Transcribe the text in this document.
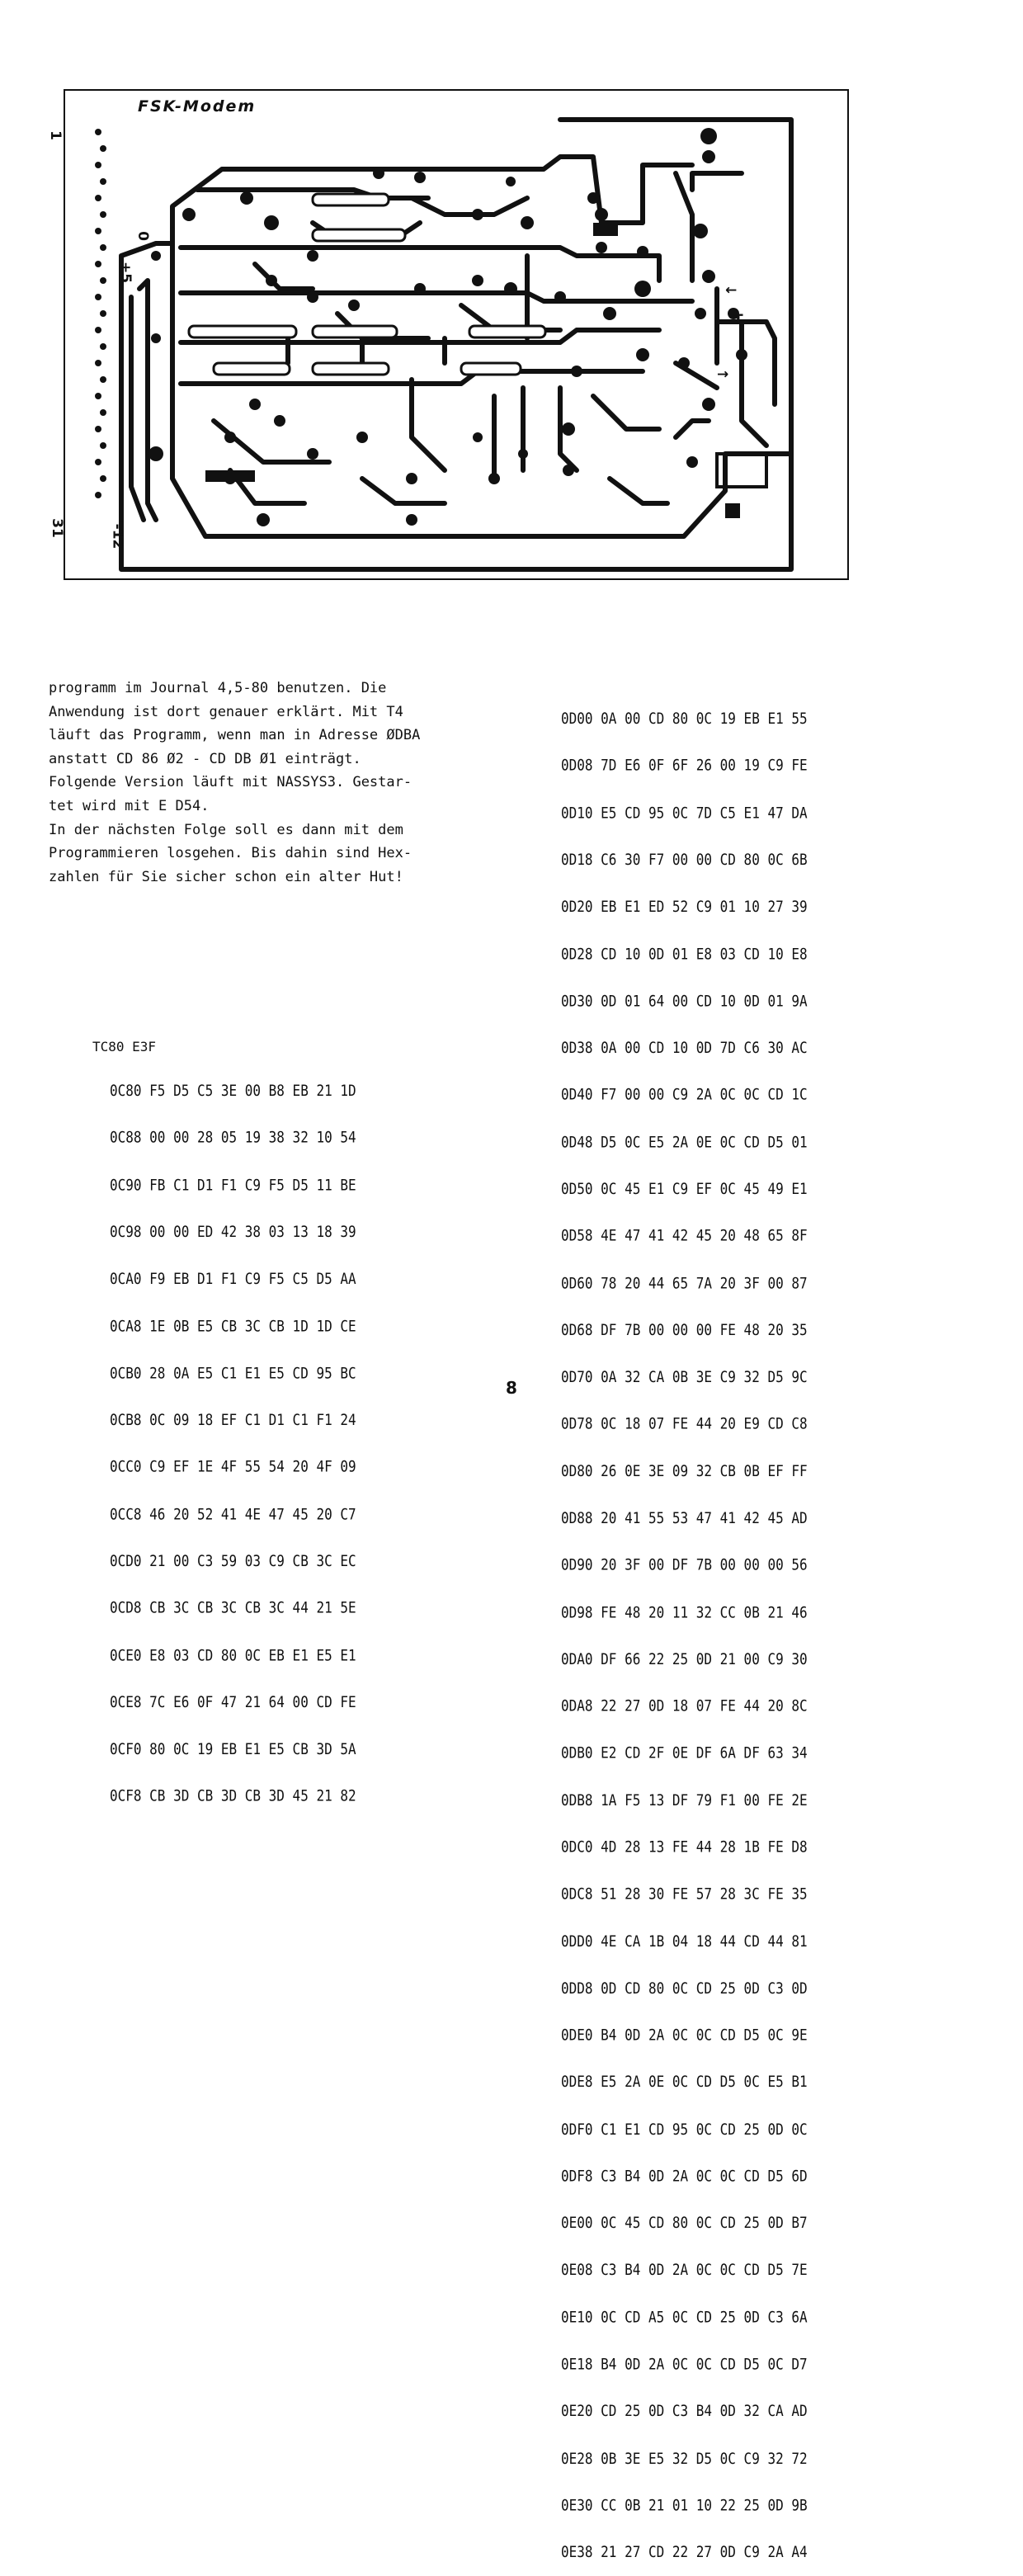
FSK-Modem
1
31
0
+5
-12
←
T
→

programm im Journal 4,5-80 benutzen. Die

Anwendung ist dort genauer erklärt. Mit T4

läuft das Programm, wenn man in Adresse ØDBA

anstatt CD 86 Ø2 - CD DB Ø1 einträgt.

Folgende Version läuft mit NASSYS3. Gestar-

tet wird mit E D54.

In der nächsten Folge soll es dann mit dem

Programmieren losgehen. Bis dahin sind Hex-

zahlen für Sie sicher schon ein alter Hut!

TC80 E3F

0C80 F5 D5 C5 3E 00 B8 EB 21 1D

0C88 00 00 28 05 19 38 32 10 54

0C90 FB C1 D1 F1 C9 F5 D5 11 BE

0C98 00 00 ED 42 38 03 13 18 39

0CA0 F9 EB D1 F1 C9 F5 C5 D5 AA

0CA8 1E 0B E5 CB 3C CB 1D 1D CE

0CB0 28 0A E5 C1 E1 E5 CD 95 BC

0CB8 0C 09 18 EF C1 D1 C1 F1 24

0CC0 C9 EF 1E 4F 55 54 20 4F 09

0CC8 46 20 52 41 4E 47 45 20 C7

0CD0 21 00 C3 59 03 C9 CB 3C EC

0CD8 CB 3C CB 3C CB 3C 44 21 5E

0CE0 E8 03 CD 80 0C EB E1 E5 E1

0CE8 7C E6 0F 47 21 64 00 CD FE

0CF0 80 0C 19 EB E1 E5 CB 3D 5A

0CF8 CB 3D CB 3D CB 3D 45 21 82

0D00 0A 00 CD 80 0C 19 EB E1 55

0D08 7D E6 0F 6F 26 00 19 C9 FE

0D10 E5 CD 95 0C 7D C5 E1 47 DA

0D18 C6 30 F7 00 00 CD 80 0C 6B

0D20 EB E1 ED 52 C9 01 10 27 39

0D28 CD 10 0D 01 E8 03 CD 10 E8

0D30 0D 01 64 00 CD 10 0D 01 9A

0D38 0A 00 CD 10 0D 7D C6 30 AC

0D40 F7 00 00 C9 2A 0C 0C CD 1C

0D48 D5 0C E5 2A 0E 0C CD D5 01

0D50 0C 45 E1 C9 EF 0C 45 49 E1

0D58 4E 47 41 42 45 20 48 65 8F

0D60 78 20 44 65 7A 20 3F 00 87

0D68 DF 7B 00 00 00 FE 48 20 35

0D70 0A 32 CA 0B 3E C9 32 D5 9C

0D78 0C 18 07 FE 44 20 E9 CD C8

0D80 26 0E 3E 09 32 CB 0B EF FF

0D88 20 41 55 53 47 41 42 45 AD

0D90 20 3F 00 DF 7B 00 00 00 56

0D98 FE 48 20 11 32 CC 0B 21 46

0DA0 DF 66 22 25 0D 21 00 C9 30

0DA8 22 27 0D 18 07 FE 44 20 8C

0DB0 E2 CD 2F 0E DF 6A DF 63 34

0DB8 1A F5 13 DF 79 F1 00 FE 2E

0DC0 4D 28 13 FE 44 28 1B FE D8

0DC8 51 28 30 FE 57 28 3C FE 35

0DD0 4E CA 1B 04 18 44 CD 44 81

0DD8 0D CD 80 0C CD 25 0D C3 0D

0DE0 B4 0D 2A 0C 0C CD D5 0C 9E

0DE8 E5 2A 0E 0C CD D5 0C E5 B1

0DF0 C1 E1 CD 95 0C CD 25 0D 0C

0DF8 C3 B4 0D 2A 0C 0C CD D5 6D

0E00 0C 45 CD 80 0C CD 25 0D B7

0E08 C3 B4 0D 2A 0C 0C CD D5 7E

0E10 0C CD A5 0C CD 25 0D C3 6A

0E18 B4 0D 2A 0C 0C CD D5 0C D7

0E20 CD 25 0D C3 B4 0D 32 CA AD

0E28 0B 3E E5 32 D5 0C C9 32 72

0E30 CC 0B 21 01 10 22 25 0D 9B

0E38 21 27 CD 22 27 0D C9 2A A4

8
